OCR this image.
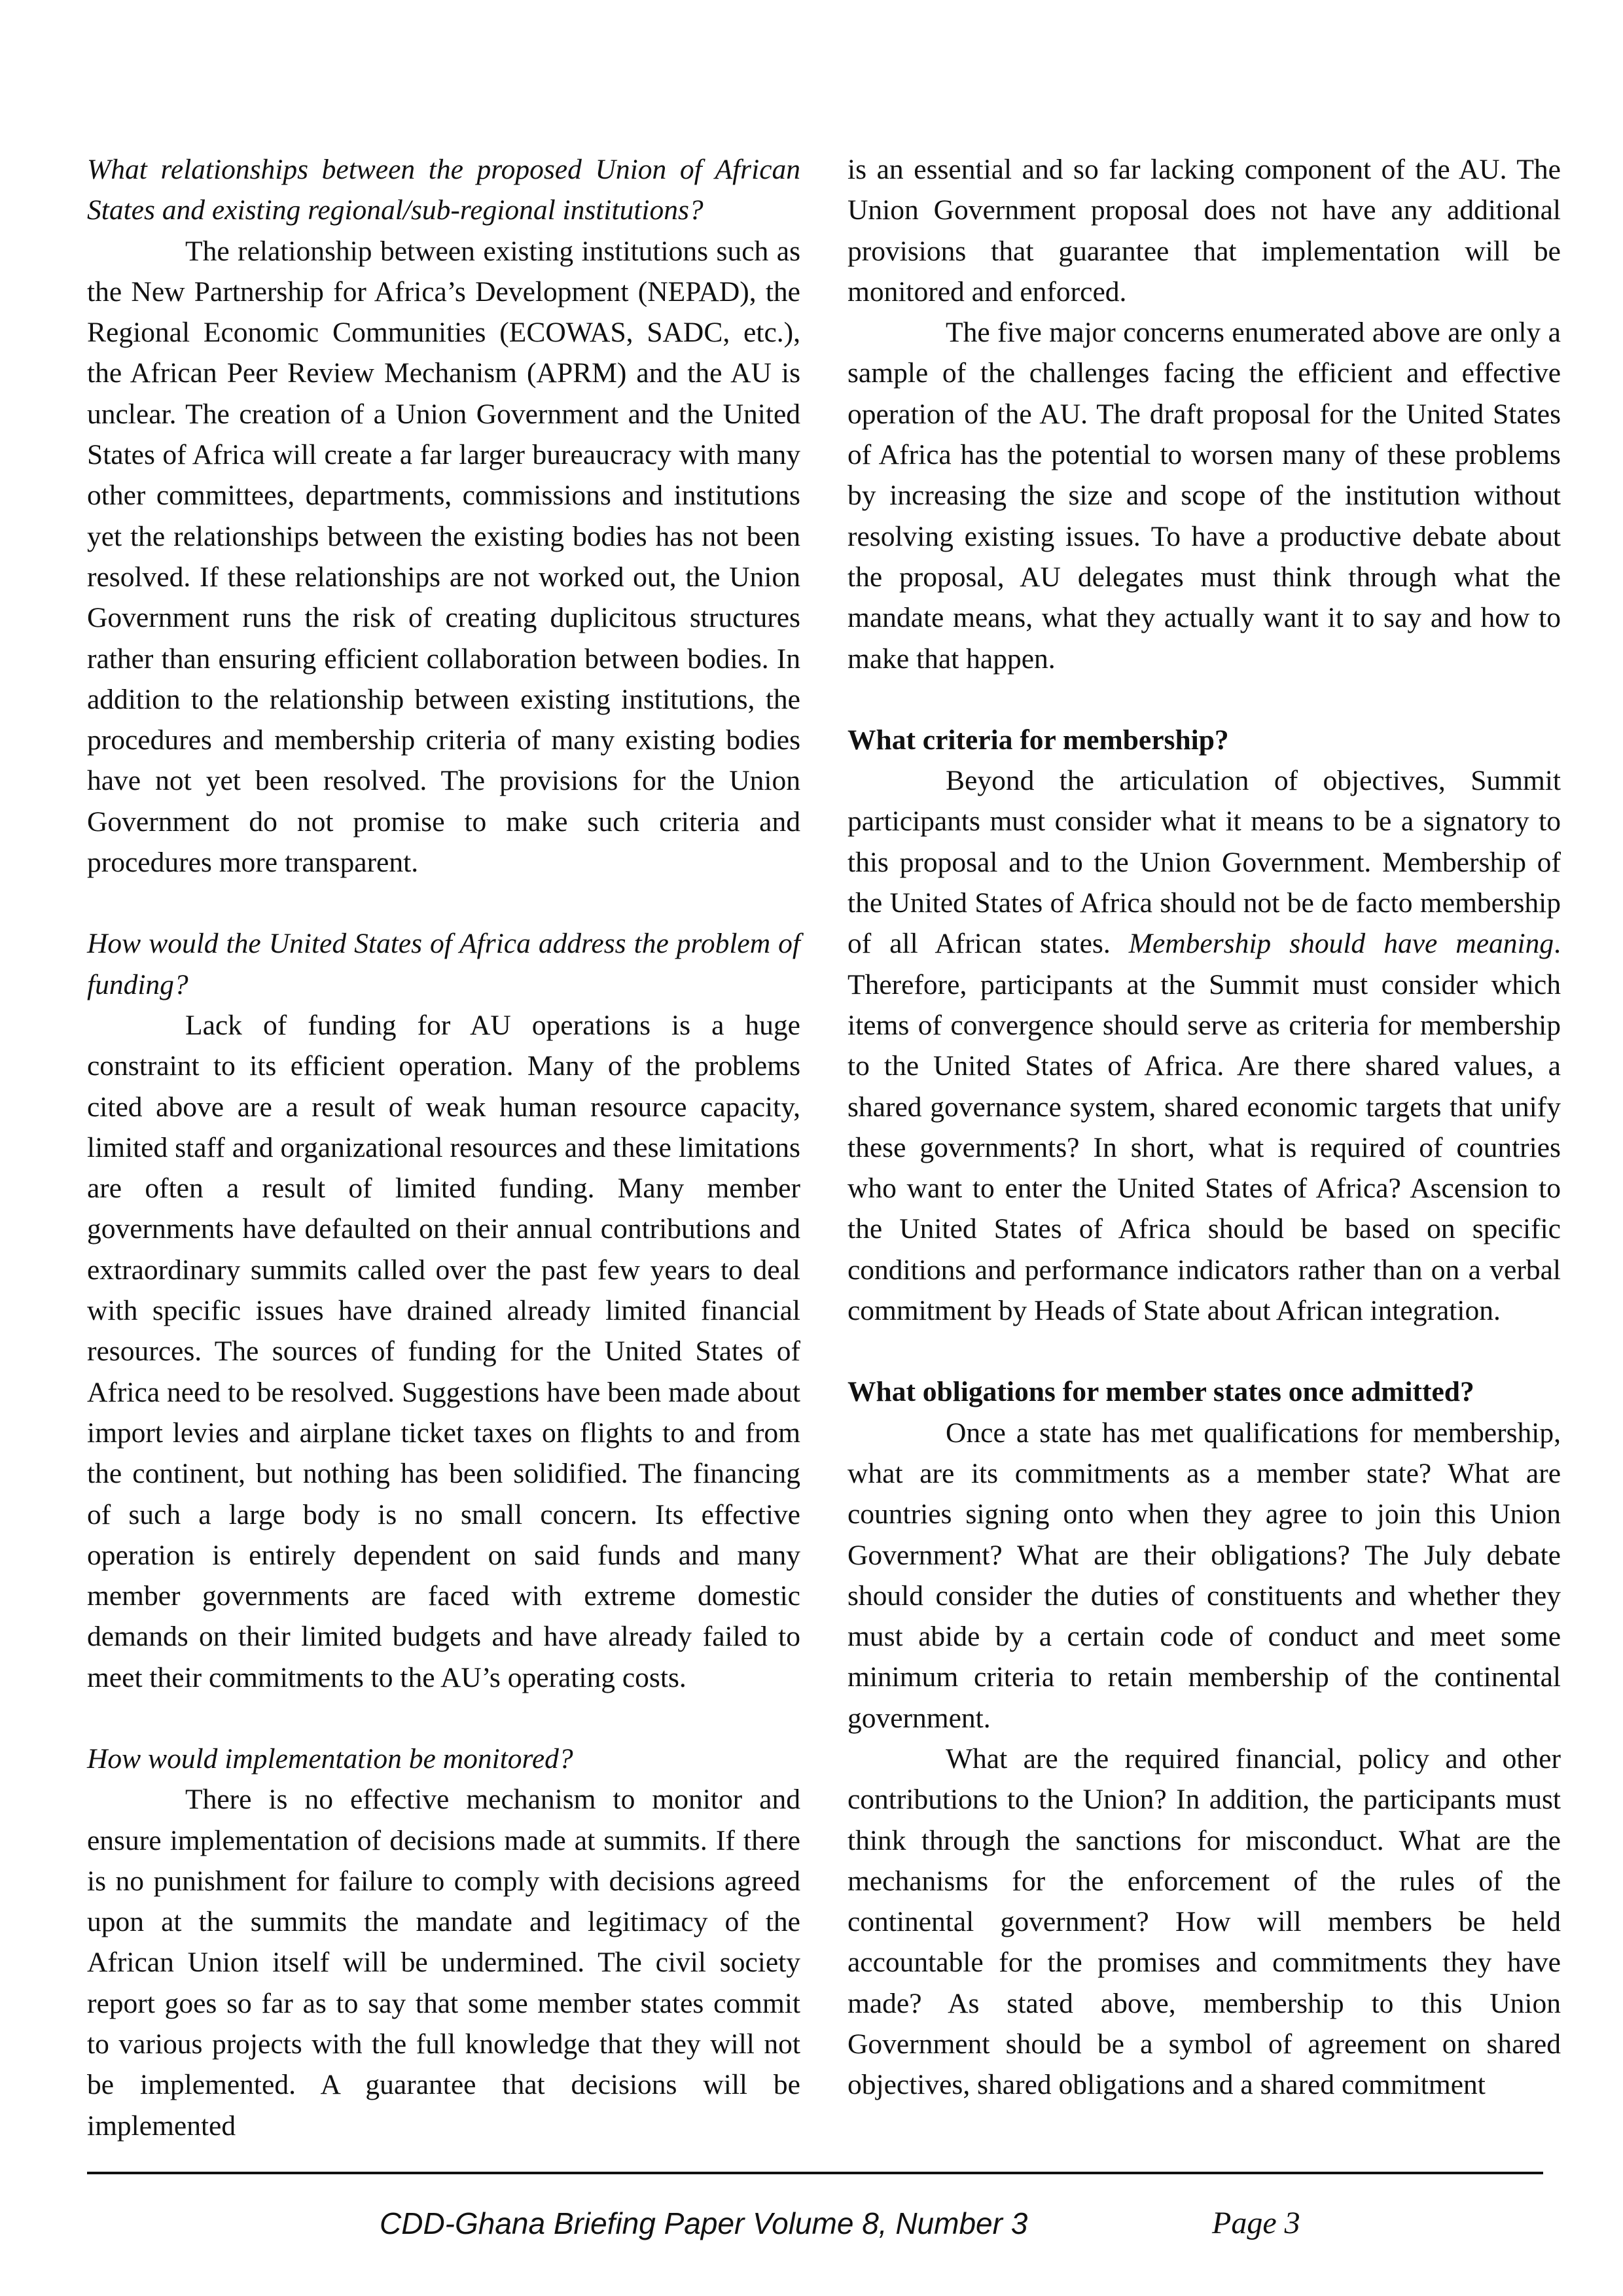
What relationships between the proposed Union of African States and existing regional/sub-regional institutions?

The relationship between existing institutions such as the New Partnership for Africa’s Development (NEPAD), the Regional Economic Communities (ECOWAS, SADC, etc.), the African Peer Review Mechanism (APRM) and the AU is unclear. The creation of a Union Government and the United States of Africa will create a far larger bureaucracy with many other committees, departments, commissions and institutions yet the relationships between the existing bodies has not been resolved. If these relationships are not worked out, the Union Government runs the risk of creating duplicitous structures rather than ensuring efficient collaboration between bodies. In addition to the relationship between existing institutions, the procedures and membership criteria of many existing bodies have not yet been resolved. The provisions for the Union Government do not promise to make such criteria and procedures more transparent.

How would the United States of Africa address the problem of funding?

Lack of funding for AU operations is a huge constraint to its efficient operation. Many of the problems cited above are a result of weak human resource capacity, limited staff and organizational resources and these limitations are often a result of limited funding. Many member governments have defaulted on their annual contributions and extraordinary summits called over the past few years to deal with specific issues have drained already limited financial resources. The sources of funding for the United States of Africa need to be resolved. Suggestions have been made about import levies and airplane ticket taxes on flights to and from the continent, but nothing has been solidified. The financing of such a large body is no small concern. Its effective operation is entirely dependent on said funds and many member governments are faced with extreme domestic demands on their limited budgets and have already failed to meet their commitments to the AU’s operating costs.

How would implementation be monitored?

There is no effective mechanism to monitor and ensure implementation of decisions made at summits. If there is no punishment for failure to comply with decisions agreed upon at the summits the mandate and legitimacy of the African Union itself will be undermined. The civil society report goes so far as to say that some member states commit to various projects with the full knowledge that they will not be implemented. A guarantee that decisions will be implemented

is an essential and so far lacking component of the AU. The Union Government proposal does not have any additional provisions that guarantee that implementation will be monitored and enforced.

The five major concerns enumerated above are only a sample of the challenges facing the efficient and effective operation of the AU. The draft proposal for the United States of Africa has the potential to worsen many of these problems by increasing the size and scope of the institution without resolving existing issues. To have a productive debate about the proposal, AU delegates must think through what the mandate means, what they actually want it to say and how to make that happen.

What criteria for membership?

Beyond the articulation of objectives, Summit participants must consider what it means to be a signatory to this proposal and to the Union Government. Membership of the United States of Africa should not be de facto membership of all African states. Membership should have meaning. Therefore, participants at the Summit must consider which items of convergence should serve as criteria for membership to the United States of Africa. Are there shared values, a shared governance system, shared economic targets that unify these governments? In short, what is required of countries who want to enter the United States of Africa? Ascension to the United States of Africa should be based on specific conditions and performance indicators rather than on a verbal commitment by Heads of State about African integration.

What obligations for member states once admitted?

Once a state has met qualifications for membership, what are its commitments as a member state? What are countries signing onto when they agree to join this Union Government? What are their obligations? The July debate should consider the duties of constituents and whether they must abide by a certain code of conduct and meet some minimum criteria to retain membership of the continental government.

What are the required financial, policy and other contributions to the Union? In addition, the participants must think through the sanctions for misconduct. What are the mechanisms for the enforcement of the rules of the continental government? How will members be held accountable for the promises and commitments they have made? As stated above, membership to this Union Government should be a symbol of agreement on shared objectives, shared obligations and a shared commitment

CDD-Ghana Briefing Paper Volume 8, Number 3	Page 3
